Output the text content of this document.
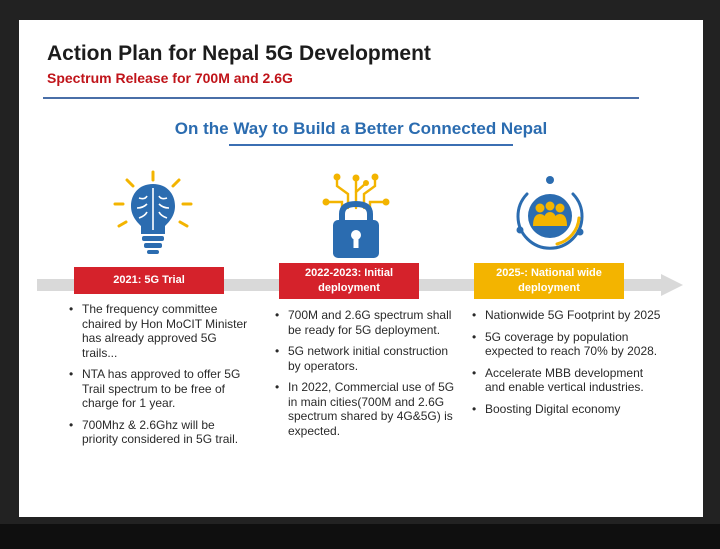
Action Plan for Nepal 5G Development
Spectrum Release for 700M and 2.6G
On the Way to Build a Better Connected Nepal
2021: 5G Trial
2022-2023: Initial deployment
2025-: National wide deployment
• The frequency committee chaired by Hon MoCIT Minister has already approved 5G trails...
• NTA has approved to offer 5G Trail spectrum to be free of charge for 1 year.
• 700Mhz & 2.6Ghz will be priority considered in 5G trail.
• 700M and 2.6G spectrum shall be ready for 5G deployment.
• 5G network initial construction by operators.
• In 2022, Commercial use of 5G in main cities(700M and 2.6G spectrum shared by 4G&5G) is expected.
• Nationwide 5G Footprint by 2025
• 5G coverage by population expected to reach 70% by 2028.
• Accelerate MBB development and enable vertical industries.
• Boosting Digital economy
